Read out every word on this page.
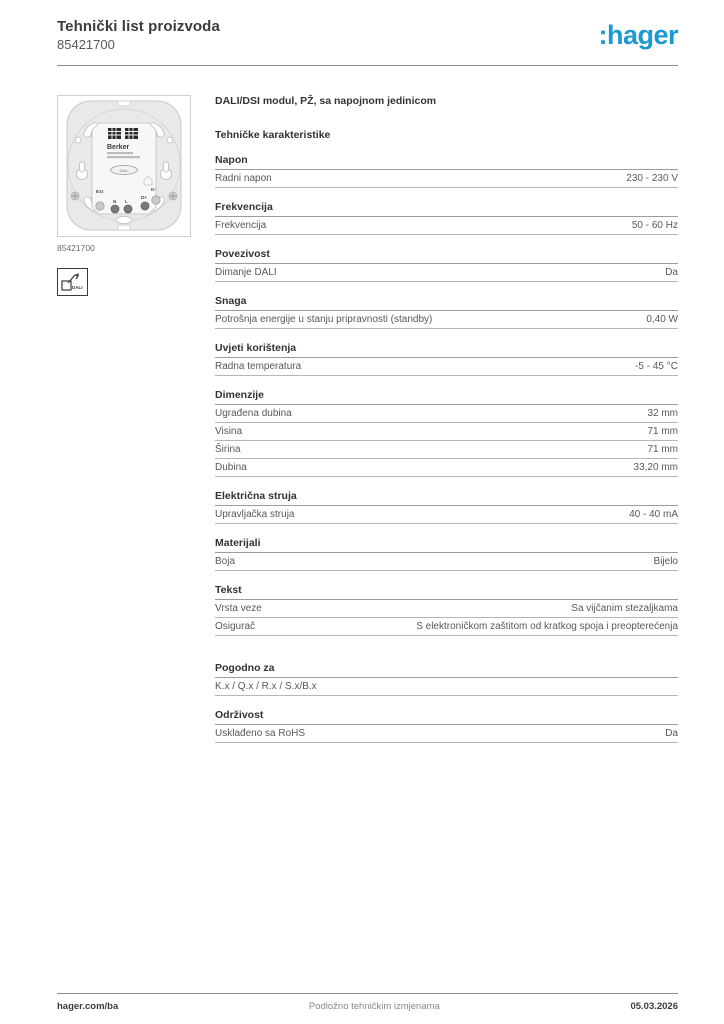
Tehnički list proizvoda
85421700	:hager
Berker
DALI
Ext
N L
D+
D-
85421700
DALI
DALI/DSI modul, PŽ, sa napojnom jedinicom
Tehničke karakteristike
Napon
Radni napon	230 - 230 V
Frekvencija
Frekvencija	50 - 60 Hz
Povezivost
Dimanje DALI	Da
Snaga
Potrošnja energije u stanju pripravnosti (standby)	0,40 W
Uvjeti korištenja
Radna temperatura	-5 - 45 °C
Dimenzije
Ugrađena dubina	32 mm
Visina	71 mm
Širina	71 mm
Dubina	33,20 mm
Električna struja
Upravljačka struja	40 - 40 mA
Materijali
Boja	Bijelo
Tekst
Vrsta veze	Sa vijčanim stezaljkama
Osigurač	S elektroničkom zaštitom od kratkog spoja i preopterećenja
Pogodno za
K.x / Q.x / R.x / S.x/B.x
Održivost
Usklađeno sa RoHS	Da
hager.com/ba	Podložno tehničkim izmjenama	05.03.2026
